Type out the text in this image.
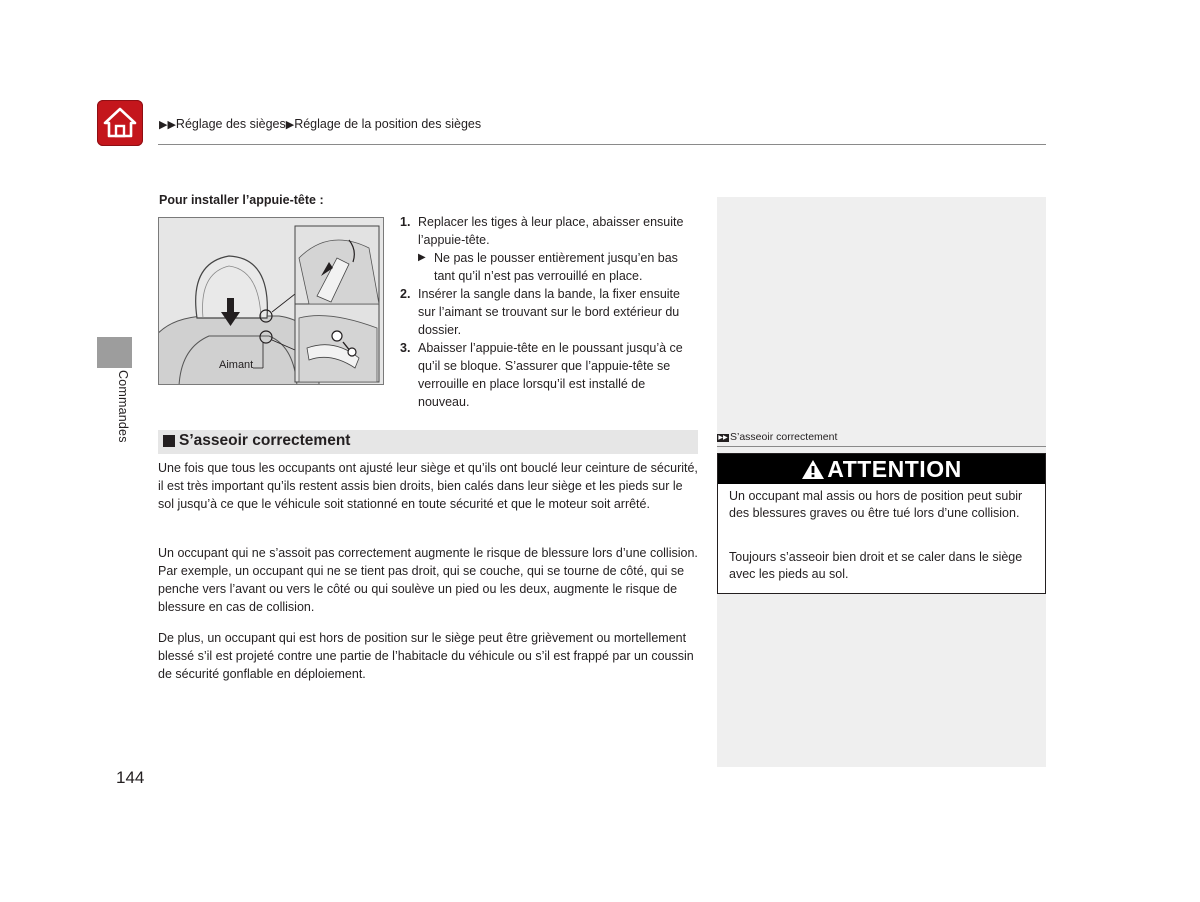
▶▶Réglage des sièges▶Réglage de la position des sièges
Commandes
Pour installer l’appuie-tête :
Aimant
1. Replacer les tiges à leur place, abaisser ensuite l’appuie-tête.
▶ Ne pas le pousser entièrement jusqu’en bas tant qu’il n’est pas verrouillé en place.
2. Insérer la sangle dans la bande, la fixer ensuite sur l’aimant se trouvant sur le bord extérieur du dossier.
3. Abaisser l’appuie-tête en le poussant jusqu’à ce qu’il se bloque. S’assurer que l’appuie-tête se verrouille en place lorsqu’il est installé de nouveau.
S’asseoir correctement
Une fois que tous les occupants ont ajusté leur siège et qu’ils ont bouclé leur ceinture de sécurité, il est très important qu’ils restent assis bien droits, bien calés dans leur siège et les pieds sur le sol jusqu’à ce que le véhicule soit stationné en toute sécurité et que le moteur soit arrêté.
Un occupant qui ne s’assoit pas correctement augmente le risque de blessure lors d’une collision. Par exemple, un occupant qui ne se tient pas droit, qui se couche, qui se tourne de côté, qui se penche vers l’avant ou vers le côté ou qui soulève un pied ou les deux, augmente le risque de blessure en cas de collision.
De plus, un occupant qui est hors de position sur le siège peut être grièvement ou mortellement blessé s’il est projeté contre une partie de l’habitacle du véhicule ou s’il est frappé par un coussin de sécurité gonflable en déploiement.
144
▶▶ S’asseoir correctement
ATTENTION
Un occupant mal assis ou hors de position peut subir des blessures graves ou être tué lors d’une collision.
Toujours s’asseoir bien droit et se caler dans le siège avec les pieds au sol.
